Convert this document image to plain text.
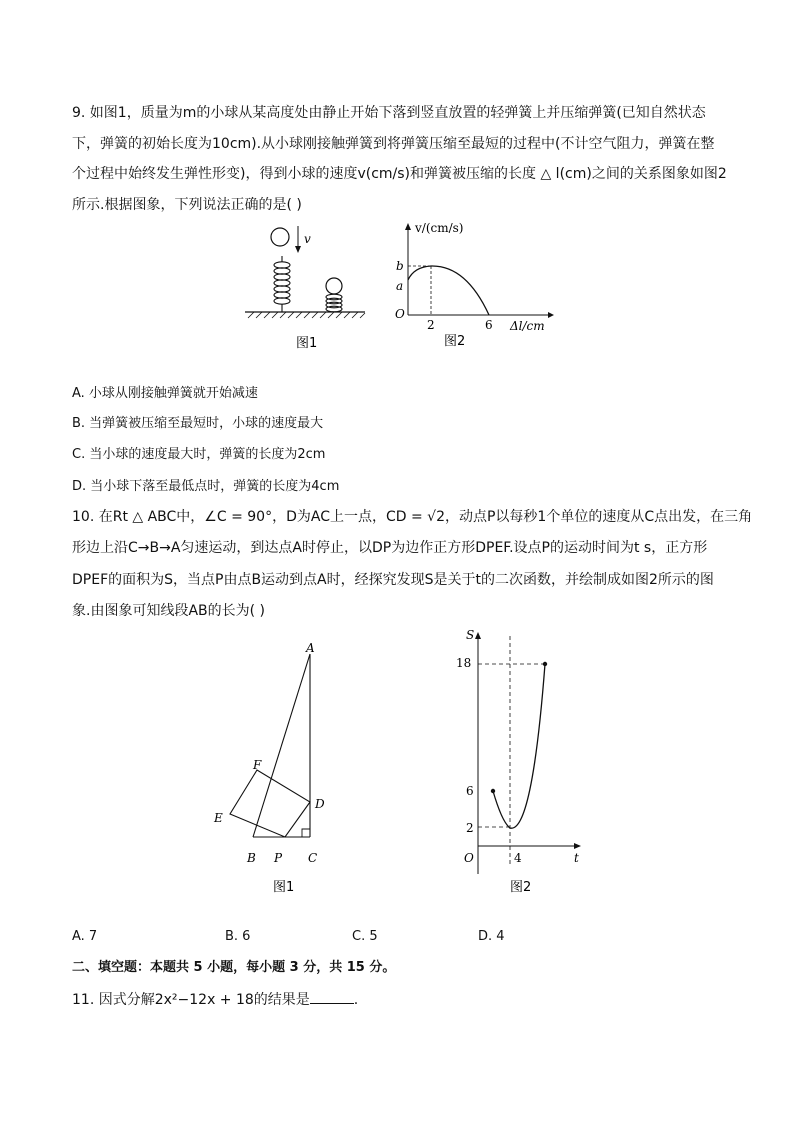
9. 如图1，质量为m的小球从某高度处由静止开始下落到竖直放置的轻弹簧上并压缩弹簧(已知自然状态
下，弹簧的初始长度为10cm).从小球刚接触弹簧到将弹簧压缩至最短的过程中(不计空气阻力，弹簧在整
个过程中始终发生弹性形变)，得到小球的速度v(cm/s)和弹簧被压缩的长度 △ l(cm)之间的关系图象如图2
所示.根据图象，下列说法正确的是( )
v
图1
v/(cm/s)
O
b
a
2	6 Δl/cm
图2
A. 小球从刚接触弹簧就开始减速
B. 当弹簧被压缩至最短时，小球的速度最大
C. 当小球的速度最大时，弹簧的长度为2cm
D. 当小球下落至最低点时，弹簧的长度为4cm
10. 在Rt △ ABC中，∠C = 90°，D为AC上一点，CD = √2，动点P以每秒1个单位的速度从C点出发，在三角
形边上沿C→B→A匀速运动，到达点A时停止，以DP为边作正方形DPEF.设点P的运动时间为t s，正方形
DPEF的面积为S，当点P由点B运动到点A时，经探究发现S是关于t的二次函数，并绘制成如图2所示的图
象.由图象可知线段AB的长为( )
A
B	C
D
E
F
P
图1
S
t
O
18
6
2
4
图2
A. 7	B. 6	C. 5	D. 4
二、填空题：本题共 5 小题，每小题 3 分，共 15 分。
11. 因式分解2x²−12x + 18的结果是	.
